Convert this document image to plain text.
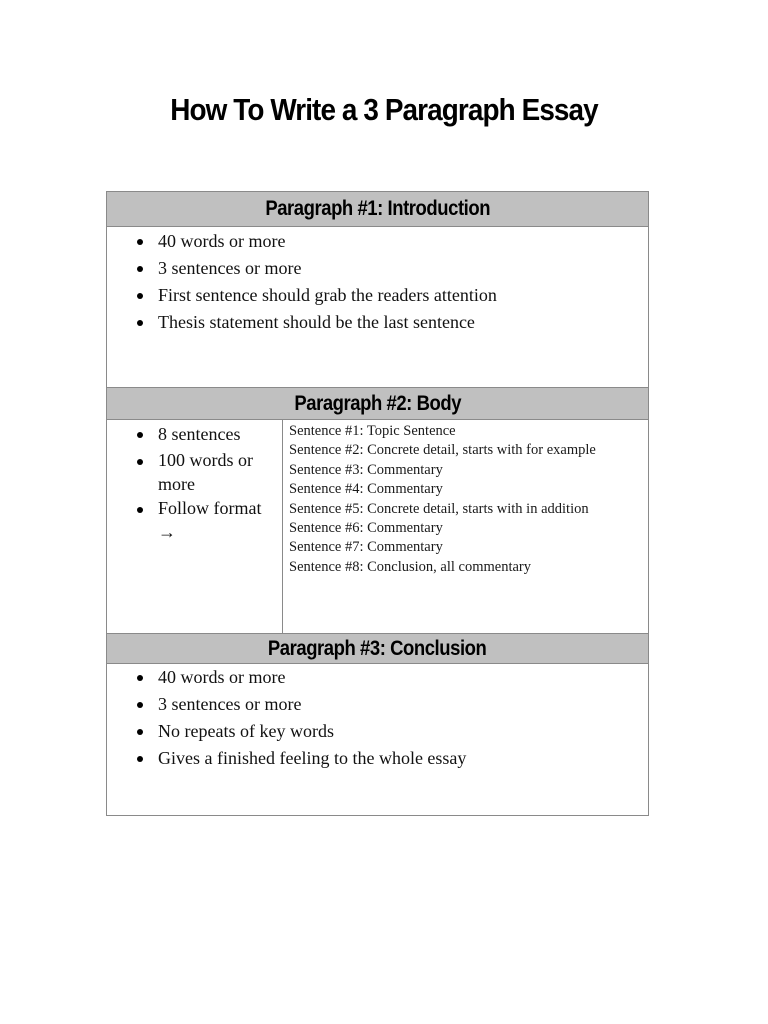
How To Write a 3 Paragraph Essay
Paragraph #1: Introduction
40 words or more
3 sentences or more
First sentence should grab the readers attention
Thesis statement should be the last sentence
Paragraph #2: Body
8 sentences
100 words or more
Follow format →
Sentence #1: Topic Sentence
Sentence #2: Concrete detail, starts with for example
Sentence #3: Commentary
Sentence #4: Commentary
Sentence #5: Concrete detail, starts with in addition
Sentence #6: Commentary
Sentence #7: Commentary
Sentence #8: Conclusion, all commentary
Paragraph #3: Conclusion
40 words or more
3 sentences or more
No repeats of key words
Gives a finished feeling to the whole essay
